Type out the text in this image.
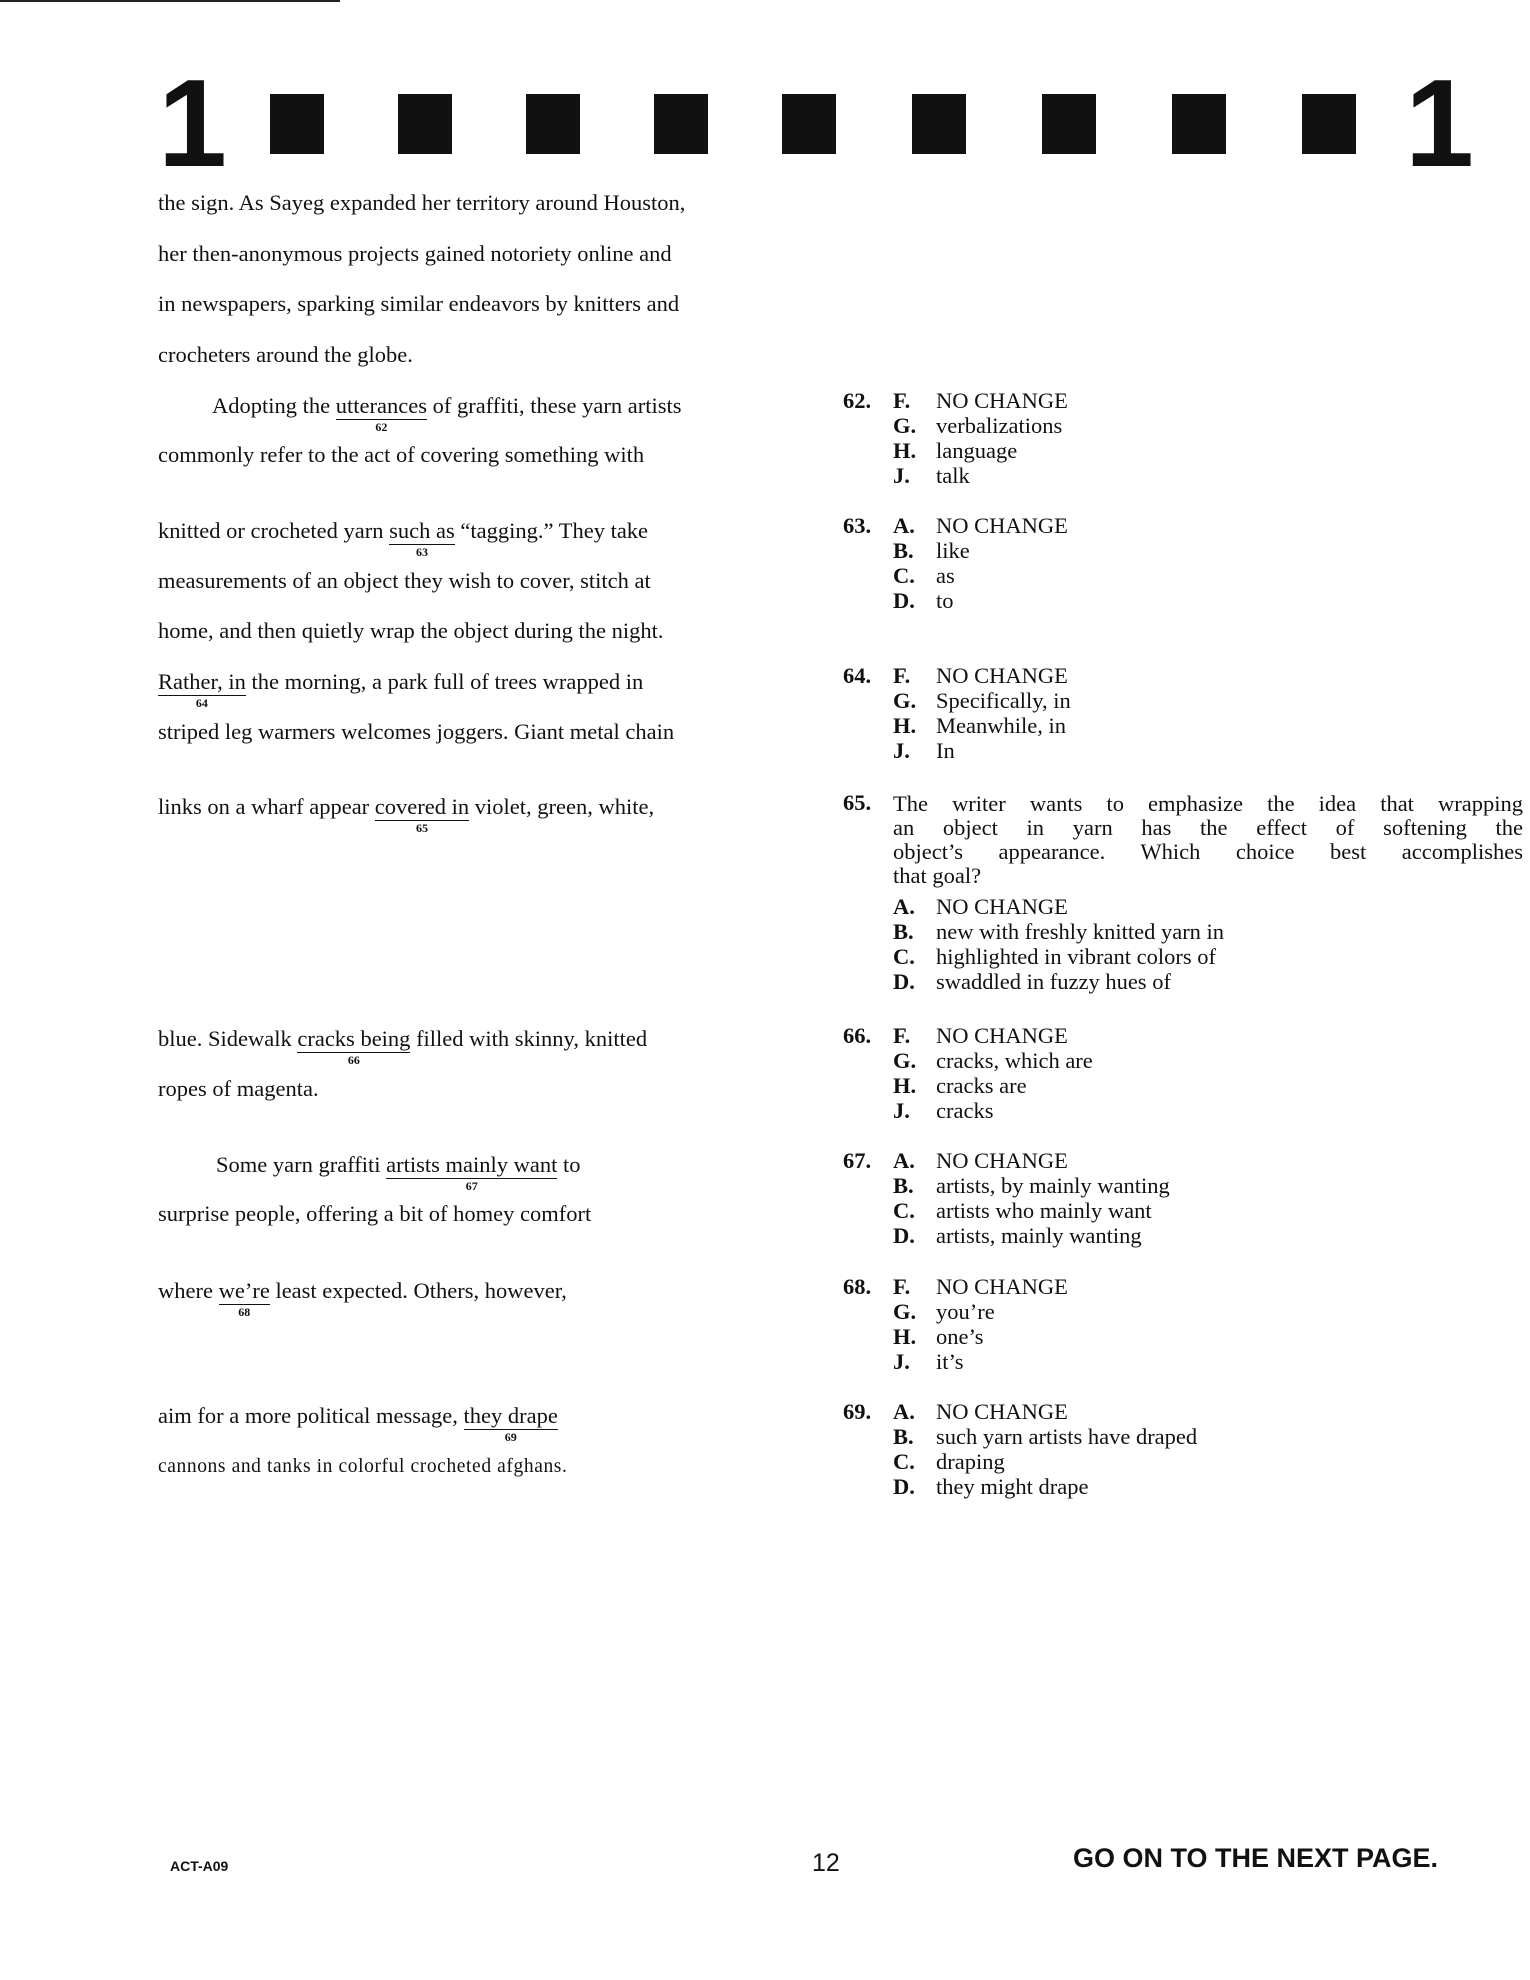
1	1
the sign. As Sayeg expanded her territory around Houston,
her then-anonymous projects gained notoriety online and
in newspapers, sparking similar endeavors by knitters and
crocheters around the globe.
Adopting the utterances
62
of graffiti, these yarn artists
commonly refer to the act of covering something with
knitted or crocheted yarn such as
63
“tagging.” They take
measurements of an object they wish to cover, stitch at
home, and then quietly wrap the object during the night.
Rather, in
64
the morning, a park full of trees wrapped in
striped leg warmers welcomes joggers. Giant metal chain
links on a wharf appear covered in
65
violet, green, white,
blue. Sidewalk cracks being
66
filled with skinny, knitted
ropes of magenta.
Some yarn graffiti artists mainly want
67
to
surprise people, offering a bit of homey comfort
where we’re
68
least expected. Others, however,
aim for a more political message, they drape
69
cannons and tanks in colorful crocheted afghans.
62. F.	NO CHANGE
G. verbalizations
H. language
J.	talk
63. A. NO CHANGE
B. like
C. as
D. to
64. F.	NO CHANGE
G. Specifically, in
H. Meanwhile, in
J.	In
65. The writer wants to emphasize the idea that wrapping
an object in yarn has the effect of softening the
object’s appearance. Which choice best accomplishes
that goal?
A. NO CHANGE
B. new with freshly knitted yarn in
C. highlighted in vibrant colors of
D. swaddled in fuzzy hues of
66. F.	NO CHANGE
G. cracks, which are
H. cracks are
J.	cracks
67. A. NO CHANGE
B. artists, by mainly wanting
C. artists who mainly want
D. artists, mainly wanting
68. F.	NO CHANGE
G. you’re
H. one’s
J.	it’s
69. A. NO CHANGE
B. such yarn artists have draped
C. draping
D. they might drape
ACT-A09	12	GO ON TO THE NEXT PAGE.
